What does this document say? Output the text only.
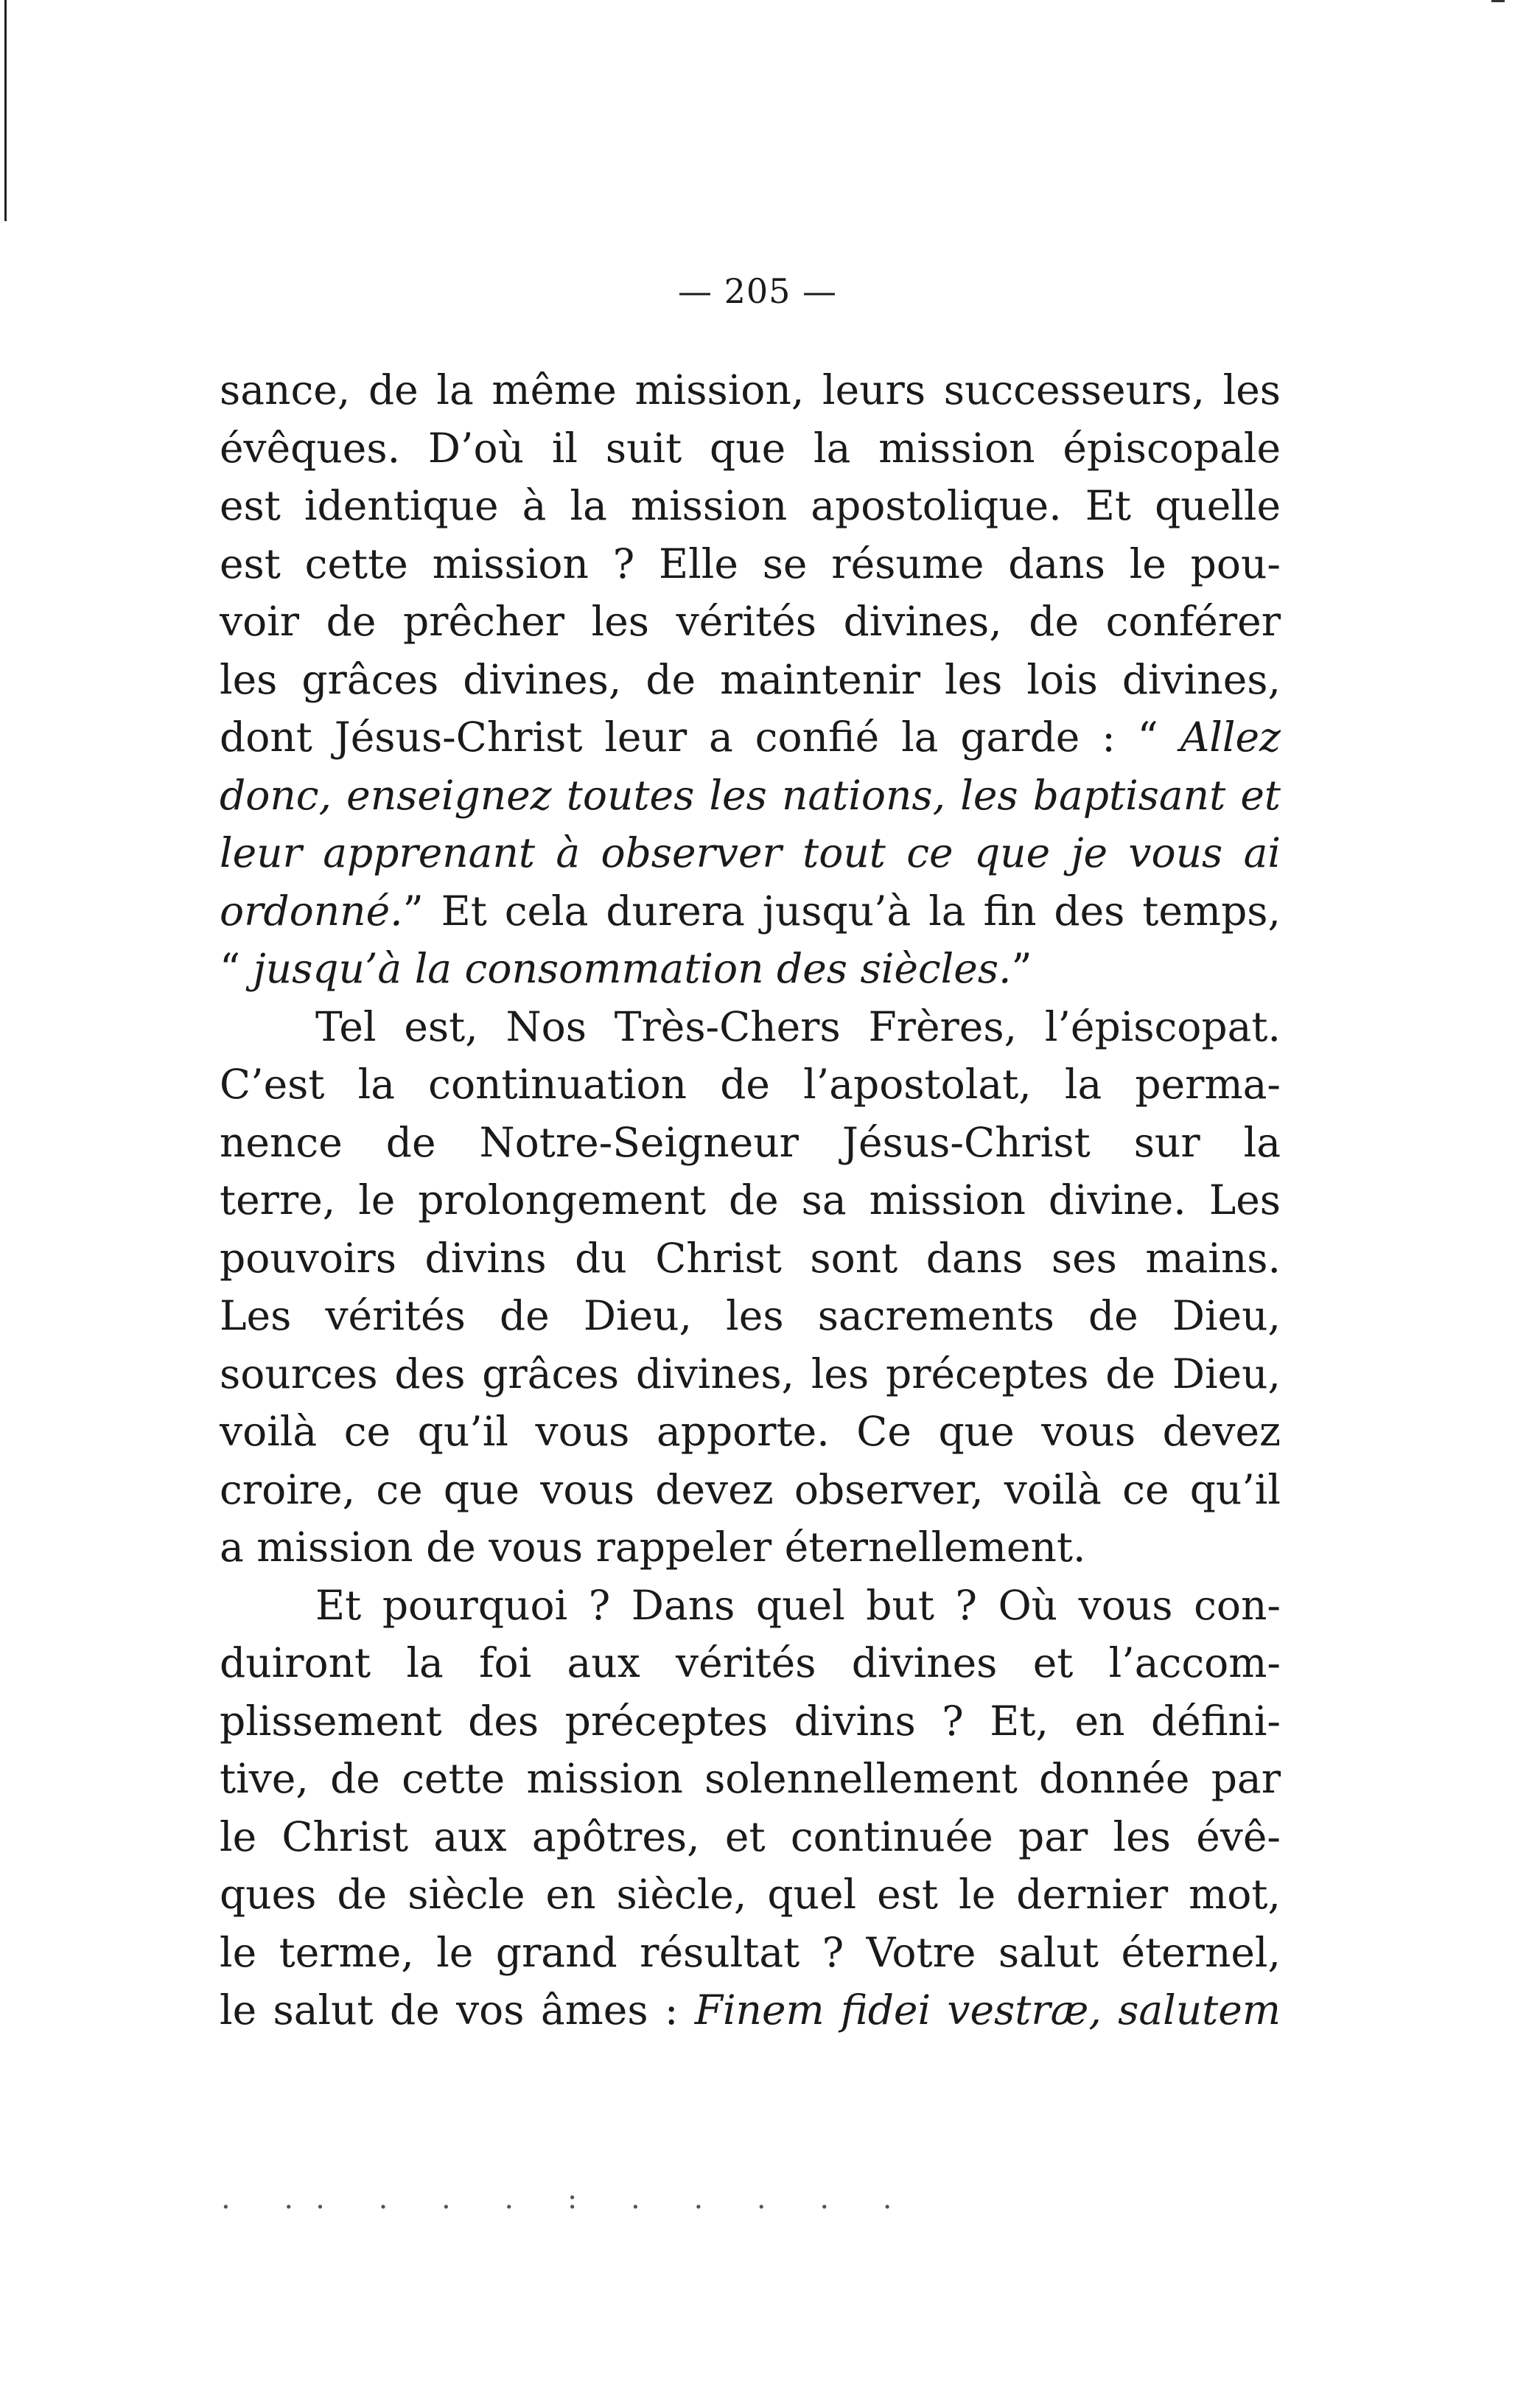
— 205 —
sance, de la même mission, leurs successeurs, les
évêques. D’où il suit que la mission épiscopale
est identique à la mission apostolique. Et quelle
est cette mission ? Elle se résume dans le pou-
voir de prêcher les vérités divines, de conférer
les grâces divines, de maintenir les lois divines,
dont Jésus-Christ leur a confié la garde : “ Allez
donc, enseignez toutes les nations, les baptisant et
leur apprenant à observer tout ce que je vous ai
ordonné.” Et cela durera jusqu’à la fin des temps,
“ jusqu’à la consommation des siècles.”
Tel est, Nos Très-Chers Frères, l’épiscopat.
C’est la continuation de l’apostolat, la perma-
nence de Notre-Seigneur Jésus-Christ sur la
terre, le prolongement de sa mission divine. Les
pouvoirs divins du Christ sont dans ses mains.
Les vérités de Dieu, les sacrements de Dieu,
sources des grâces divines, les préceptes de Dieu,
voilà ce qu’il vous apporte. Ce que vous devez
croire, ce que vous devez observer, voilà ce qu’il
a mission de vous rappeler éternellement.
Et pourquoi ? Dans quel but ? Où vous con-
duiront la foi aux vérités divines et l’accom-
plissement des préceptes divins ? Et, en défini-
tive, de cette mission solennellement donnée par
le Christ aux apôtres, et continuée par les évê-
ques de siècle en siècle, quel est le dernier mot,
le terme, le grand résultat ? Votre salut éternel,
le salut de vos âmes : Finem fidei vestræ, salutem
. .. . . . : . . . . .
